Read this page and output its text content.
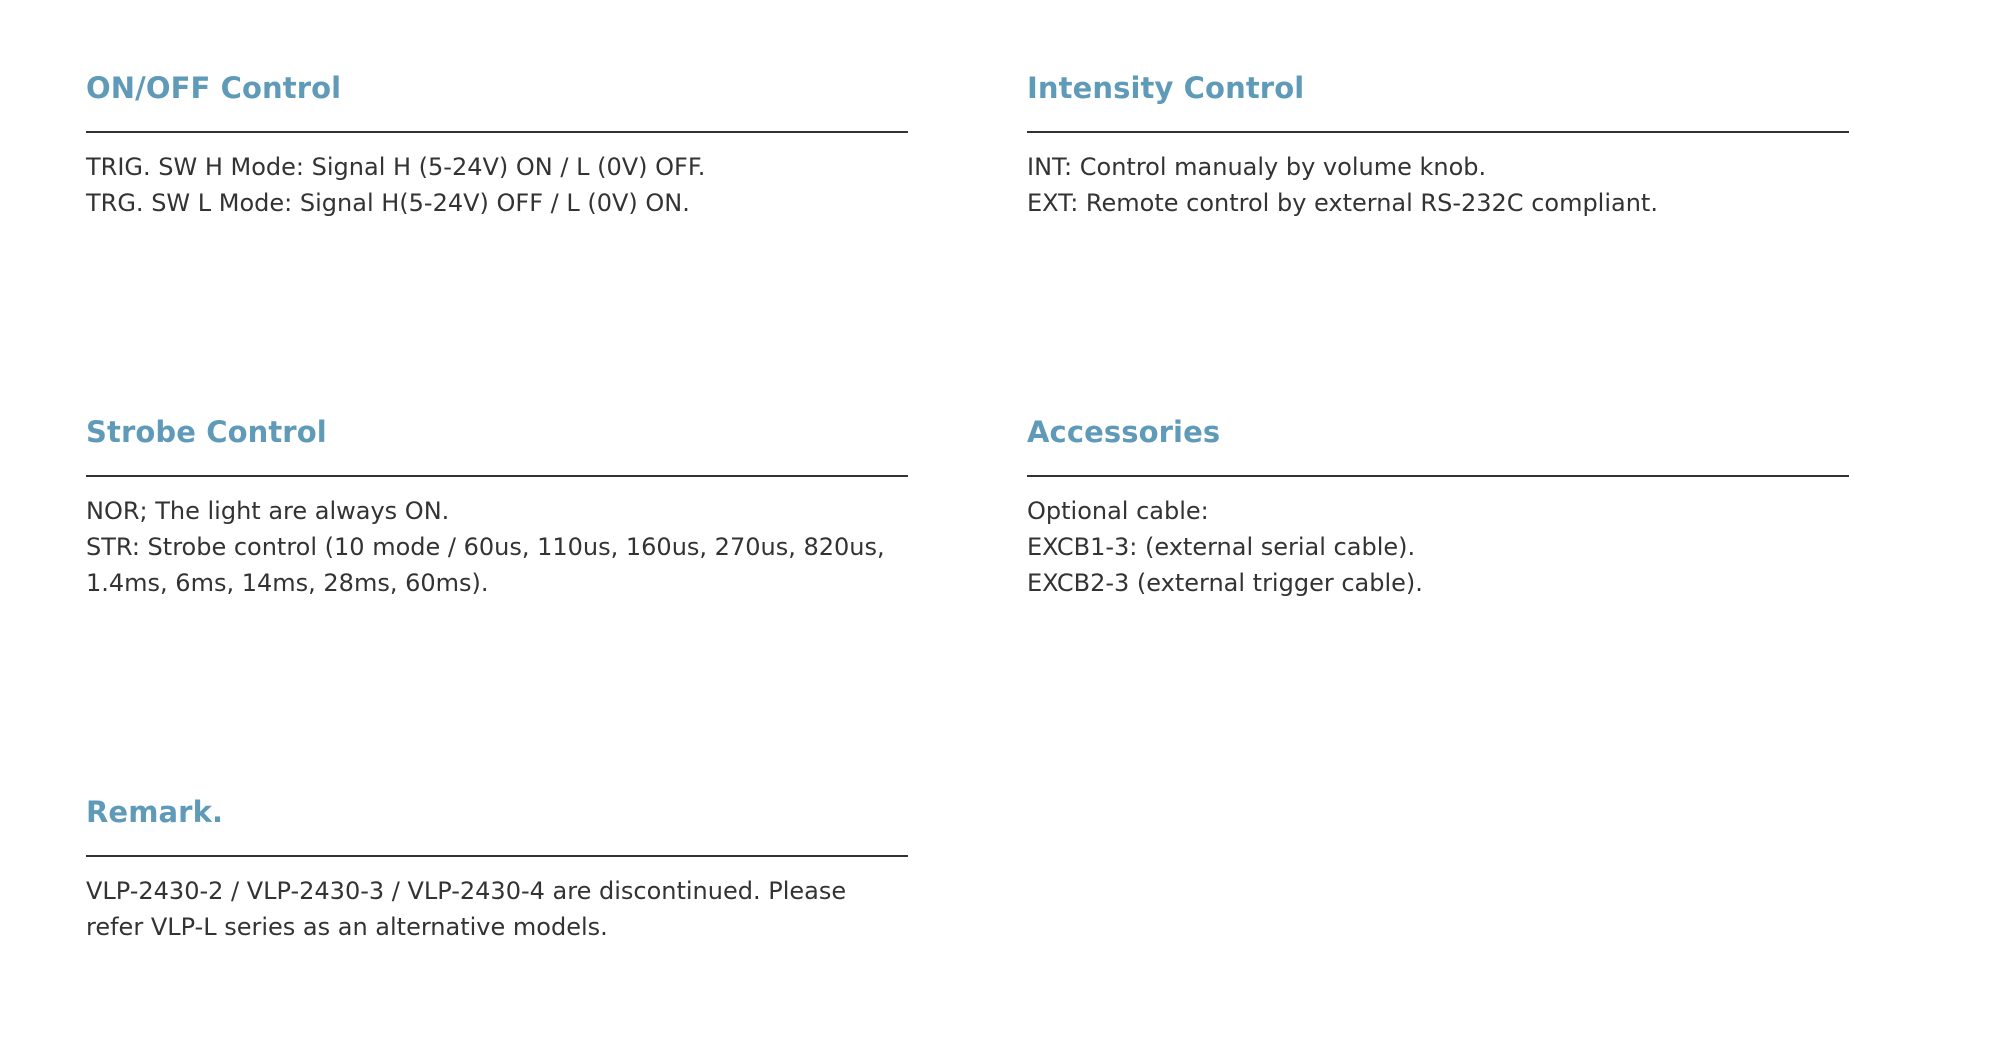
ON/OFF Control
TRIG. SW H Mode: Signal H (5-24V) ON / L (0V) OFF.
TRG. SW L Mode: Signal H(5-24V) OFF / L (0V) ON.
Intensity Control
INT: Control manualy by volume knob.
EXT: Remote control by external RS-232C compliant.
Strobe Control
NOR; The light are always ON.
STR: Strobe control (10 mode / 60us, 110us, 160us, 270us, 820us, 1.4ms, 6ms, 14ms, 28ms, 60ms).
Accessories
Optional cable:
EXCB1-3: (external serial cable).
EXCB2-3 (external trigger cable).
Remark.
VLP-2430-2 / VLP-2430-3 / VLP-2430-4 are discontinued. Please refer VLP-L series as an alternative models.
